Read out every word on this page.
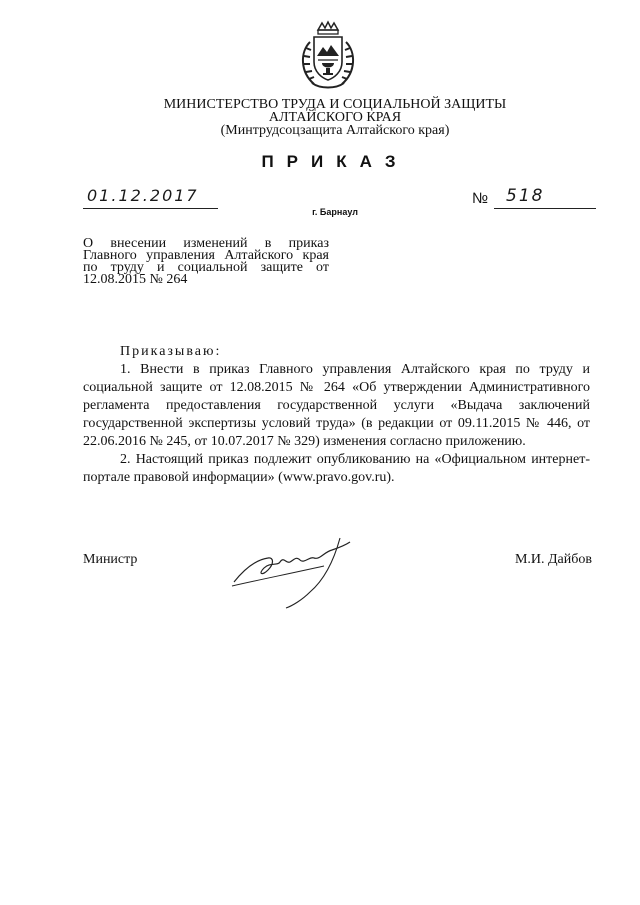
МИНИСТЕРСТВО ТРУДА И СОЦИАЛЬНОЙ ЗАЩИТЫ
АЛТАЙСКОГО КРАЯ
(Минтрудсоцзащита Алтайского края)
ПРИКАЗ
01.12.2017	№ 518
г. Барнаул
О внесении изменений в приказ Главного управления Алтайского края по труду и социальной защите от 12.08.2015 № 264

Приказываю:

1. Внести в приказ Главного управления Алтайского края по труду и социальной защите от 12.08.2015 № 264 «Об утверждении Административного регламента предоставления государственной услуги «Выдача заключений государственной экспертизы условий труда» (в редакции от 09.11.2015 № 446, от 22.06.2016 № 245, от 10.07.2017 № 329) изменения согласно приложению.

2. Настоящий приказ подлежит опубликованию на «Официальном интернет-портале правовой информации» (www.pravo.gov.ru).

Министр	М.И. Дайбов
